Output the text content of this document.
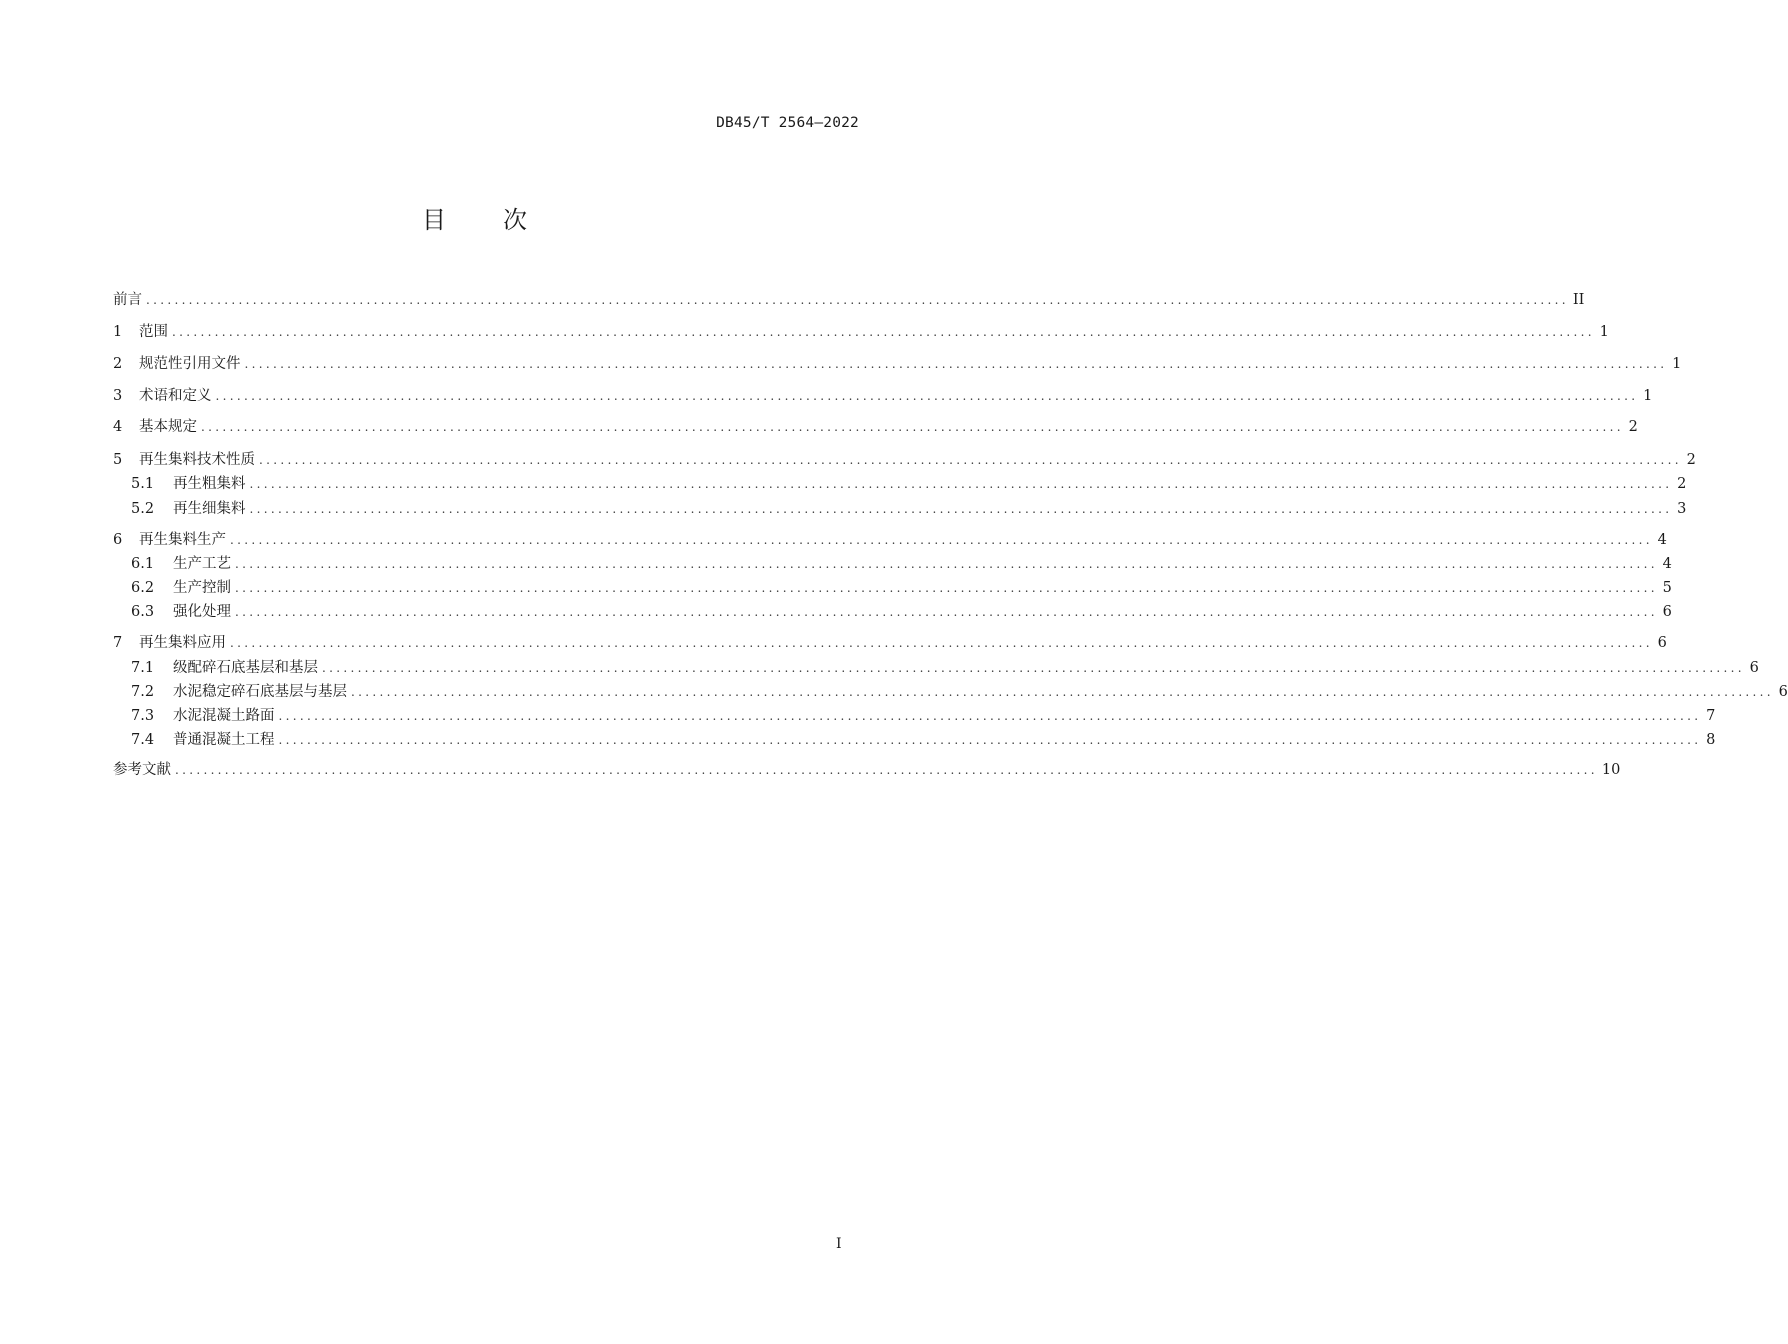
DB45/T 2564—2022
目 次
前言 ........................................................................................................................................................................................................ II
1	范围 ........................................................................................................................................................................................................ 1
2	规范性引用文件 ........................................................................................................................................................................................................ 1
3	术语和定义 ........................................................................................................................................................................................................ 1
4	基本规定 ........................................................................................................................................................................................................ 2
5	再生集料技术性质 ........................................................................................................................................................................................................ 2
5.1	再生粗集料 ........................................................................................................................................................................................................ 2
5.2	再生细集料 ........................................................................................................................................................................................................ 3
6	再生集料生产 ........................................................................................................................................................................................................ 4
6.1	生产工艺 ........................................................................................................................................................................................................ 4
6.2	生产控制 ........................................................................................................................................................................................................ 5
6.3	强化处理 ........................................................................................................................................................................................................ 6
7	再生集料应用 ........................................................................................................................................................................................................ 6
7.1	级配碎石底基层和基层 ........................................................................................................................................................................................................ 6
7.2	水泥稳定碎石底基层与基层 ........................................................................................................................................................................................................ 6
7.3	水泥混凝土路面 ........................................................................................................................................................................................................ 7
7.4	普通混凝土工程 ........................................................................................................................................................................................................ 8
参考文献 ........................................................................................................................................................................................................ 10
I
